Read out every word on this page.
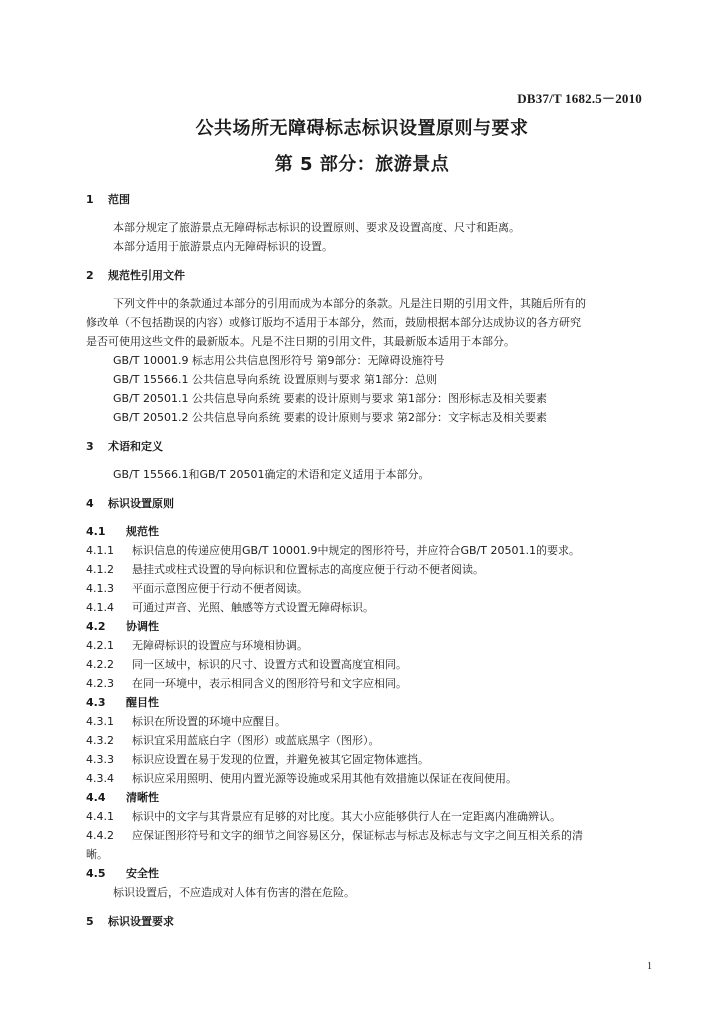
DB37/T 1682.5－2010
公共场所无障碍标志标识设置原则与要求
第 5 部分：旅游景点
1 范围
本部分规定了旅游景点无障碍标志标识的设置原则、要求及设置高度、尺寸和距离。
本部分适用于旅游景点内无障碍标识的设置。
2 规范性引用文件
下列文件中的条款通过本部分的引用而成为本部分的条款。凡是注日期的引用文件，其随后所有的
修改单（不包括勘误的内容）或修订版均不适用于本部分，然而，鼓励根据本部分达成协议的各方研究
是否可使用这些文件的最新版本。凡是不注日期的引用文件，其最新版本适用于本部分。
GB/T 10001.9 标志用公共信息图形符号 第9部分：无障碍设施符号
GB/T 15566.1 公共信息导向系统 设置原则与要求 第1部分：总则
GB/T 20501.1 公共信息导向系统 要素的设计原则与要求 第1部分：图形标志及相关要素
GB/T 20501.2 公共信息导向系统 要素的设计原则与要求 第2部分：文字标志及相关要素
3 术语和定义
GB/T 15566.1和GB/T 20501确定的术语和定义适用于本部分。
4 标识设置原则
4.1 规范性
4.1.1 标识信息的传递应使用GB/T 10001.9中规定的图形符号，并应符合GB/T 20501.1的要求。
4.1.2 悬挂式或柱式设置的导向标识和位置标志的高度应便于行动不便者阅读。
4.1.3 平面示意图应便于行动不便者阅读。
4.1.4 可通过声音、光照、触感等方式设置无障碍标识。
4.2 协调性
4.2.1 无障碍标识的设置应与环境相协调。
4.2.2 同一区域中，标识的尺寸、设置方式和设置高度宜相同。
4.2.3 在同一环境中，表示相同含义的图形符号和文字应相同。
4.3 醒目性
4.3.1 标识在所设置的环境中应醒目。
4.3.2 标识宜采用蓝底白字（图形）或蓝底黑字（图形）。
4.3.3 标识应设置在易于发现的位置，并避免被其它固定物体遮挡。
4.3.4 标识应采用照明、使用内置光源等设施或采用其他有效措施以保证在夜间使用。
4.4 清晰性
4.4.1 标识中的文字与其背景应有足够的对比度。其大小应能够供行人在一定距离内准确辨认。
4.4.2 应保证图形符号和文字的细节之间容易区分，保证标志与标志及标志与文字之间互相关系的清
晰。
4.5 安全性
标识设置后，不应造成对人体有伤害的潜在危险。
5 标识设置要求
1
